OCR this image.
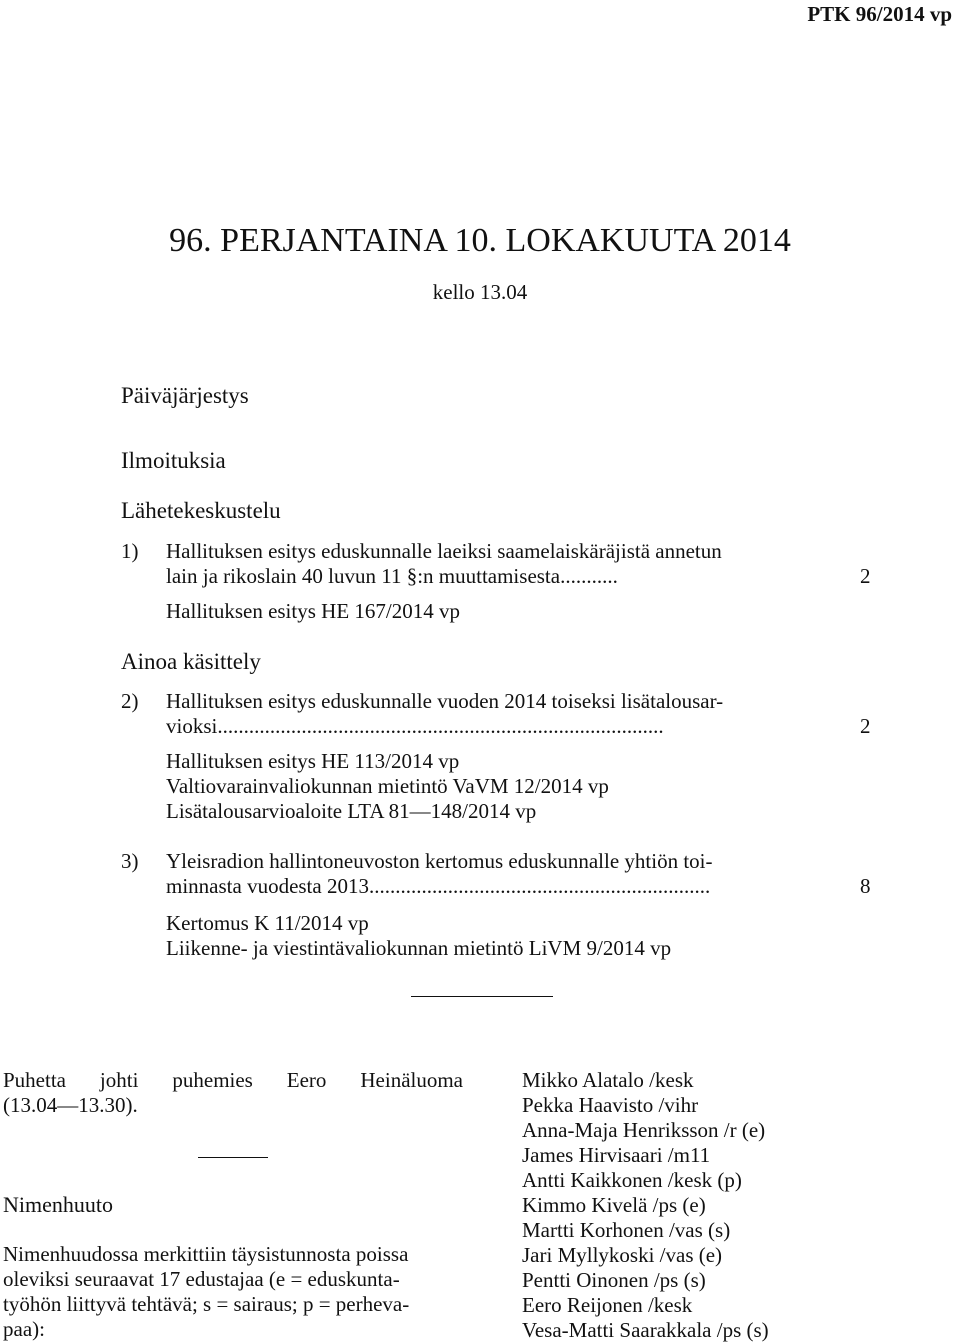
PTK 96/2014 vp
96. PERJANTAINA 10. LOKAKUUTA 2014
kello 13.04
Päiväjärjestys
Ilmoituksia
Lähetekeskustelu
1) Hallituksen esitys eduskunnalle laeiksi saamelaiskäräjistä annetun
lain ja rikoslain 40 luvun 11 §:n muuttamisesta...........	2
Hallituksen esitys HE 167/2014 vp
Ainoa käsittely
2) Hallituksen esitys eduskunnalle vuoden 2014 toiseksi lisätalousar-
vioksi.....................................................................................	2
Hallituksen esitys HE 113/2014 vp
Valtiovarainvaliokunnan mietintö VaVM 12/2014 vp
Lisätalousarvioaloite LTA 81—148/2014 vp
3) Yleisradion hallintoneuvoston kertomus eduskunnalle yhtiön toi-
minnasta vuodesta 2013.................................................................	8
Kertomus K 11/2014 vp
Liikenne- ja viestintävaliokunnan mietintö LiVM 9/2014 vp
Puhetta johti puhemies Eero Heinäluoma
(13.04—13.30).
Nimenhuuto
Nimenhuudossa merkittiin täysistunnosta poissa
oleviksi seuraavat 17 edustajaa (e = eduskunta-
työhön liittyvä tehtävä; s = sairaus; p = perheva-
paa):
Mikko Alatalo /kesk
Pekka Haavisto /vihr
Anna-Maja Henriksson /r (e)
James Hirvisaari /m11
Antti Kaikkonen /kesk (p)
Kimmo Kivelä /ps (e)
Martti Korhonen /vas (s)
Jari Myllykoski /vas (e)
Pentti Oinonen /ps (s)
Eero Reijonen /kesk
Vesa-Matti Saarakkala /ps (s)
